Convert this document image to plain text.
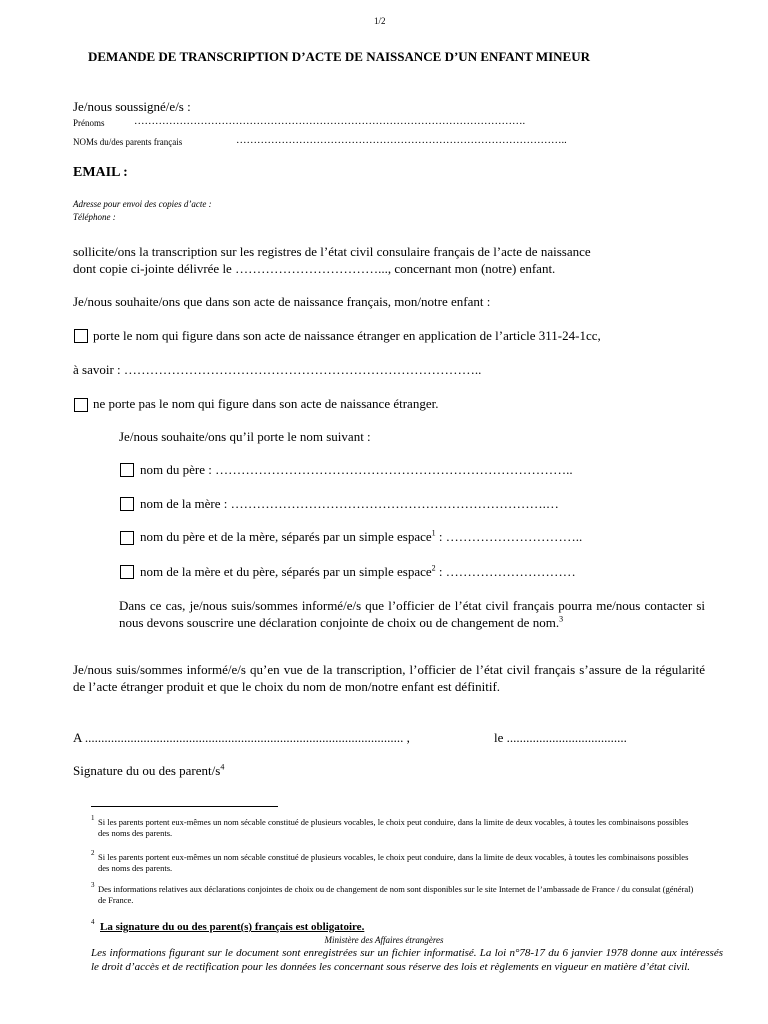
1/2
DEMANDE DE TRANSCRIPTION D’ACTE DE NAISSANCE D’UN ENFANT MINEUR
Je/nous soussigné/e/s :
Prénoms	………………………………………………………………………………………………….
NOMs du/des parents français	…………………………………………………………………………………..
EMAIL :
Adresse pour envoi des copies d’acte :
Téléphone :
sollicite/ons la transcription sur les registres de l’état civil consulaire français de l’acte de naissance
dont copie ci-jointe délivrée le ……………………………..., concernant mon (notre) enfant.
Je/nous souhaite/ons que dans son acte de naissance français, mon/notre enfant :
porte le nom qui figure dans son acte de naissance étranger en application de l’article 311-24-1cc,
à savoir : ………………………………………………………………………..
ne porte pas le nom qui figure dans son acte de naissance étranger.
Je/nous souhaite/ons qu’il porte le nom suivant :
nom du père : ………………………………………………………………………..
nom de la mère : ……………………………………………………………….…
nom du père et de la mère, séparés par un simple espace$^1$ : …………………………..
nom de la mère et du père, séparés par un simple espace$^2$ : …………………………
Dans ce cas, je/nous suis/sommes informé/e/s que l’officier de l’état civil français pourra me/nous contacter si nous devons souscrire une déclaration conjointe de choix ou de changement de nom.$^3$
Je/nous suis/sommes informé/e/s qu’en vue de la transcription, l’officier de l’état civil français s’assure de la régularité de l’acte étranger produit et que le choix du nom de mon/notre enfant est définitif.
A .................................................................................................. ,	le .....................................
Signature du ou des parent/$s^4$
1 Si les parents portent eux-mêmes un nom sécable constitué de plusieurs vocables, le choix peut conduire, dans la limite de deux vocables, à toutes les combinaisons possibles des noms des parents.
2 Si les parents portent eux-mêmes un nom sécable constitué de plusieurs vocables, le choix peut conduire, dans la limite de deux vocables, à toutes les combinaisons possibles des noms des parents.
3 Des informations relatives aux déclarations conjointes de choix ou de changement de nom sont disponibles sur le site Internet de l’ambassade de France / du consulat (général) de France.
4 La signature du ou des parent(s) français est obligatoire.
Ministère des Affaires étrangères
Les informations figurant sur le document sont enregistrées sur un fichier informatisé. La loi n°78-17 du 6 janvier 1978 donne aux intéressés le droit d’accès et de rectification pour les données les concernant sous réserve des lois et règlements en vigueur en matière d’état civil.
